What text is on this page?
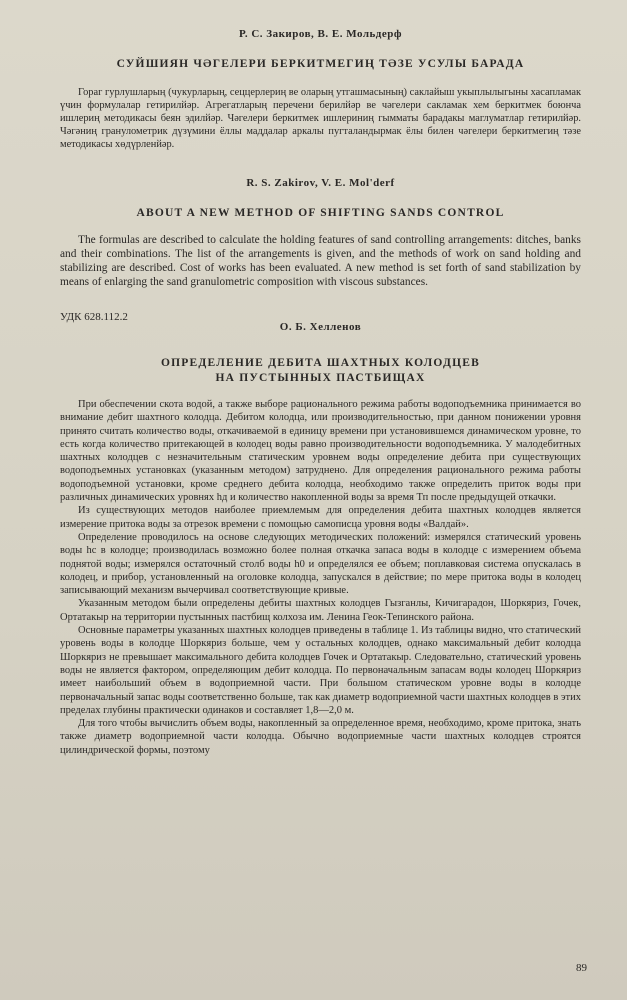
Р. С. Закиров, В. Е. Мольдерф

СУЙШИЯН ЧӘГЕЛЕРИ БЕРКИТМЕГИҢ ТӘЗЕ УСУЛЫ БАРАДА

Гораг гурлушларың (чукурларың, сеццерлериң ве оларың утгашмасының) саклайыш укыплылыгыны хасапламак үчин формулалар гетирилйәр. Агрегатларың перечени берилйәр ве чәгелери сакламак хем беркитмек боюнча ишлериң методикасы беян эдилйәр. Чәгелери беркитмек ишлериниң гымматы барадакы маглуматлар гетирилйәр. Чәгәниң гранулометрик дүзүмини ёллы маддалар аркалы пугталандырмак ёлы билен чәгелери беркитмегиң тәзе методикасы хөдүрленйәр.

R. S. Zakirov, V. E. Mol'derf

ABOUT A NEW METHOD OF SHIFTING SANDS CONTROL

The formulas are described to calculate the holding features of sand controlling arrangements: ditches, banks and their combinations. The list of the arrangements is given, and the methods of work on sand holding and stabilizing are described. Cost of works has been evaluated. A new method is set forth of sand stabilization by means of enlarging the sand granulometric composition with viscous substances.

УДК 628.112.2

О. Б. Хелленов

ОПРЕДЕЛЕНИЕ ДЕБИТА ШАХТНЫХ КОЛОДЦЕВ

НА ПУСТЫННЫХ ПАСТБИЩАХ

При обеспечении скота водой, а также выборе рационального режима работы водоподъемника принимается во внимание дебит шахтного колодца. Дебитом колодца, или производительностью, при данном понижении уровня принято считать количество воды, откачиваемой в единицу времени при установившемся динамическом уровне, то есть когда количество притекающей в колодец воды равно производительности водоподъемника. У малодебитных шахтных колодцев с незначительным статическим уровнем воды определение дебита при существующих водоподъемных установках (указанным методом) затруднено. Для определения рационального режима работы водоподъемной установки, кроме среднего дебита колодца, необходимо также определить приток воды при различных динамических уровнях hд и количество накопленной воды за время Тп после предыдущей откачки.

Из существующих методов наиболее приемлемым для определения дебита шахтных колодцев является измерение притока воды за отрезок времени с помощью самописца уровня воды «Валдай».

Определение проводилось на основе следующих методических положений: измерялся статический уровень воды hс в колодце; производилась возможно более полная откачка запаса воды в колодце с измерением объема поднятой воды; измерялся остаточный столб воды h0 и определялся ее объем; поплавковая система опускалась в колодец, и прибор, установленный на оголовке колодца, запускался в действие; по мере притока воды в колодец записывающий механизм вычерчивал соответствующие кривые.

Указанным методом были определены дебиты шахтных колодцев Гызганлы, Кичигарадон, Шоркяриз, Гочек, Ортатакыр на территории пустынных пастбищ колхоза им. Ленина Геок-Тепинского района.

Основные параметры указанных шахтных колодцев приведены в таблице 1. Из таблицы видно, что статический уровень воды в колодце Шоркяриз больше, чем у остальных колодцев, однако максимальный дебит колодца Шоркяриз не превышает максимального дебита колодцев Гочек и Ортатакыр. Следовательно, статический уровень воды не является фактором, определяющим дебит колодца. По первоначальным запасам воды колодец Шоркяриз имеет наибольший объем в водоприемной части. При большом статическом уровне воды в колодце первоначальный запас воды соответственно больше, так как диаметр водоприемной части шахтных колодцев в этих пределах глубины практически одинаков и составляет 1,8—2,0 м.

Для того чтобы вычислить объем воды, накопленный за определенное время, необходимо, кроме притока, знать также диаметр водоприемной части колодца. Обычно водоприемные части шахтных колодцев строятся цилиндрической формы, поэтому

89
